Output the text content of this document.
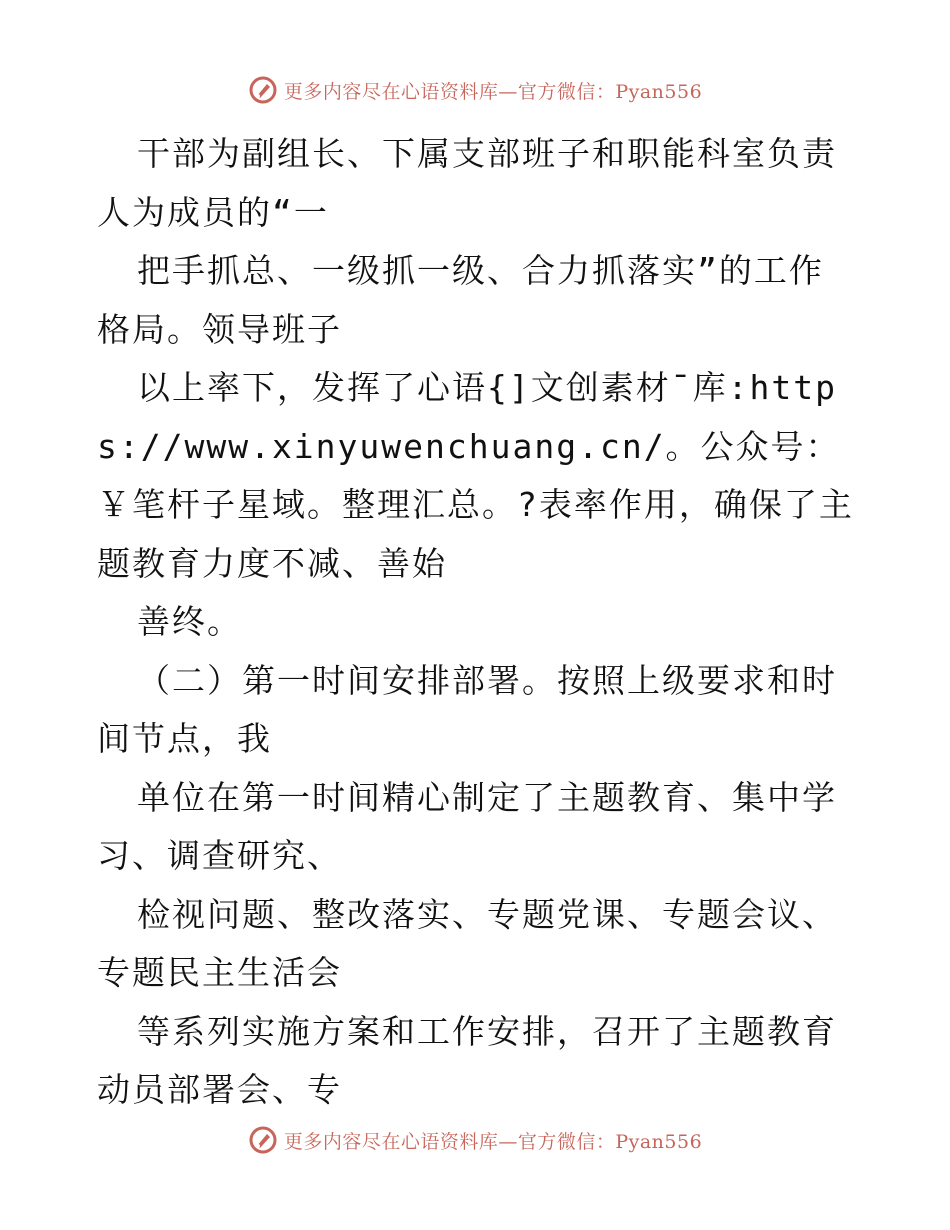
更多内容尽在心语资料库—官方微信：Pyan556

干部为副组长、下属支部班子和职能科室负责人为成员的“一

把手抓总、一级抓一级、合力抓落实”的工作格局。领导班子

以上率下，发挥了心语{]文创素材¯库:https://www.xinyuwenchuang.cn/。公众号：￥笔杆子星域。整理汇总。?表率作用，确保了主题教育力度不减、善始

善终。

（二）第一时间安排部署。按照上级要求和时间节点，我

单位在第一时间精心制定了主题教育、集中学习、调查研究、

检视问题、整改落实、专题党课、专题会议、专题民主生活会

等系列实施方案和工作安排，召开了主题教育动员部署会、专

更多内容尽在心语资料库—官方微信：Pyan556
